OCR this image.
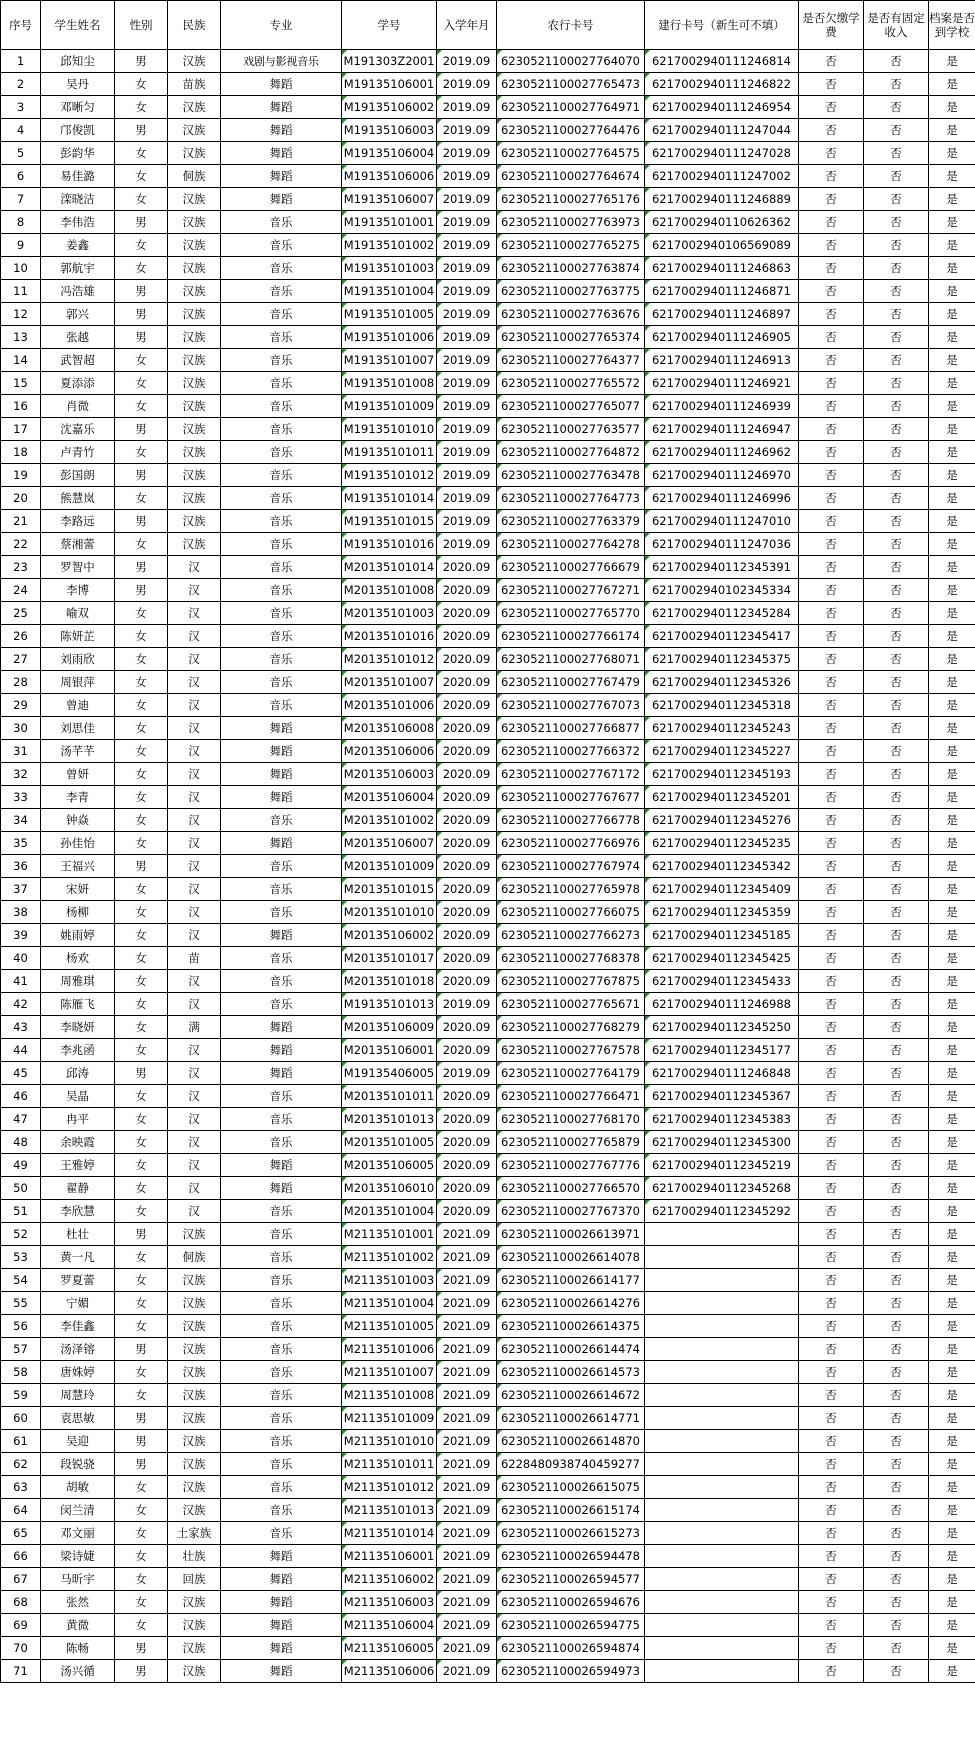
序号	学生姓名	性别	民族	专业	学号	入学年月	农行卡号	建行卡号（新生可不填）	是否欠缴学费	是否有固定收入	档案是否到学校
1	邱知尘	男	汉族	戏剧与影视音乐	M191303Z2001	2019.09	6230521100027764070	6217002940111246814	否	否	是
2	吴丹	女	苗族	舞蹈	M19135106001	2019.09	6230521100027765473	6217002940111246822	否	否	是
3	邓晰匀	女	汉族	舞蹈	M19135106002	2019.09	6230521100027764971	6217002940111246954	否	否	是
4	邝俊凯	男	汉族	舞蹈	M19135106003	2019.09	6230521100027764476	6217002940111247044	否	否	是
5	彭韵华	女	汉族	舞蹈	M19135106004	2019.09	6230521100027764575	6217002940111247028	否	否	是
6	易佳潞	女	侗族	舞蹈	M19135106006	2019.09	6230521100027764674	6217002940111247002	否	否	是
7	滦晓洁	女	汉族	舞蹈	M19135106007	2019.09	6230521100027765176	6217002940111246889	否	否	是
8	李伟浩	男	汉族	音乐	M19135101001	2019.09	6230521100027763973	6217002940110626362	否	否	是
9	姜鑫	女	汉族	音乐	M19135101002	2019.09	6230521100027765275	6217002940106569089	否	否	是
10	郭航宇	女	汉族	音乐	M19135101003	2019.09	6230521100027763874	6217002940111246863	否	否	是
11	冯浩雄	男	汉族	音乐	M19135101004	2019.09	6230521100027763775	6217002940111246871	否	否	是
12	郭兴	男	汉族	音乐	M19135101005	2019.09	6230521100027763676	6217002940111246897	否	否	是
13	张越	男	汉族	音乐	M19135101006	2019.09	6230521100027765374	6217002940111246905	否	否	是
14	武智超	女	汉族	音乐	M19135101007	2019.09	6230521100027764377	6217002940111246913	否	否	是
15	夏添添	女	汉族	音乐	M19135101008	2019.09	6230521100027765572	6217002940111246921	否	否	是
16	肖微	女	汉族	音乐	M19135101009	2019.09	6230521100027765077	6217002940111246939	否	否	是
17	沈嘉乐	男	汉族	音乐	M19135101010	2019.09	6230521100027763577	6217002940111246947	否	否	是
18	卢青竹	女	汉族	音乐	M19135101011	2019.09	6230521100027764872	6217002940111246962	否	否	是
19	彭国朗	男	汉族	音乐	M19135101012	2019.09	6230521100027763478	6217002940111246970	否	否	是
20	熊慧岚	女	汉族	音乐	M19135101014	2019.09	6230521100027764773	6217002940111246996	否	否	是
21	李路远	男	汉族	音乐	M19135101015	2019.09	6230521100027763379	6217002940111247010	否	否	是
22	蔡湘蕾	女	汉族	音乐	M19135101016	2019.09	6230521100027764278	6217002940111247036	否	否	是
23	罗智中	男	汉	音乐	M20135101014	2020.09	6230521100027766679	6217002940112345391	否	否	是
24	李博	男	汉	音乐	M20135101008	2020.09	6230521100027767271	6217002940102345334	否	否	是
25	喻双	女	汉	音乐	M20135101003	2020.09	6230521100027765770	6217002940112345284	否	否	是
26	陈妍芷	女	汉	音乐	M20135101016	2020.09	6230521100027766174	6217002940112345417	否	否	是
27	刘雨欣	女	汉	音乐	M20135101012	2020.09	6230521100027768071	6217002940112345375	否	否	是
28	周银萍	女	汉	音乐	M20135101007	2020.09	6230521100027767479	6217002940112345326	否	否	是
29	曾迪	女	汉	音乐	M20135101006	2020.09	6230521100027767073	6217002940112345318	否	否	是
30	刘思佳	女	汉	舞蹈	M20135106008	2020.09	6230521100027766877	6217002940112345243	否	否	是
31	汤芊芊	女	汉	舞蹈	M20135106006	2020.09	6230521100027766372	6217002940112345227	否	否	是
32	曾妍	女	汉	舞蹈	M20135106003	2020.09	6230521100027767172	6217002940112345193	否	否	是
33	李青	女	汉	舞蹈	M20135106004	2020.09	6230521100027767677	6217002940112345201	否	否	是
34	钟焱	女	汉	音乐	M20135101002	2020.09	6230521100027766778	6217002940112345276	否	否	是
35	孙佳怡	女	汉	舞蹈	M20135106007	2020.09	6230521100027766976	6217002940112345235	否	否	是
36	王福兴	男	汉	音乐	M20135101009	2020.09	6230521100027767974	6217002940112345342	否	否	是
37	宋妍	女	汉	音乐	M20135101015	2020.09	6230521100027765978	6217002940112345409	否	否	是
38	杨柳	女	汉	音乐	M20135101010	2020.09	6230521100027766075	6217002940112345359	否	否	是
39	姚雨婷	女	汉	舞蹈	M20135106002	2020.09	6230521100027766273	6217002940112345185	否	否	是
40	杨欢	女	苗	音乐	M20135101017	2020.09	6230521100027768378	6217002940112345425	否	否	是
41	周雅琪	女	汉	音乐	M20135101018	2020.09	6230521100027767875	6217002940112345433	否	否	是
42	陈雁飞	女	汉	音乐	M19135101013	2019.09	6230521100027765671	6217002940111246988	否	否	是
43	李晓妍	女	满	舞蹈	M20135106009	2020.09	6230521100027768279	6217002940112345250	否	否	是
44	李兆函	女	汉	舞蹈	M20135106001	2020.09	6230521100027767578	6217002940112345177	否	否	是
45	邱涛	男	汉	舞蹈	M19135406005	2019.09	6230521100027764179	6217002940111246848	否	否	是
46	吴晶	女	汉	音乐	M20135101011	2020.09	6230521100027766471	6217002940112345367	否	否	是
47	冉平	女	汉	音乐	M20135101013	2020.09	6230521100027768170	6217002940112345383	否	否	是
48	余映霞	女	汉	音乐	M20135101005	2020.09	6230521100027765879	6217002940112345300	否	否	是
49	王雅婷	女	汉	舞蹈	M20135106005	2020.09	6230521100027767776	6217002940112345219	否	否	是
50	翟静	女	汉	舞蹈	M20135106010	2020.09	6230521100027766570	6217002940112345268	否	否	是
51	李欣慧	女	汉	音乐	M20135101004	2020.09	6230521100027767370	6217002940112345292	否	否	是
52	杜壮	男	汉族	音乐	M21135101001	2021.09	6230521100026613971		否	否	是
53	黄一凡	女	侗族	音乐	M21135101002	2021.09	6230521100026614078		否	否	是
54	罗夏蕾	女	汉族	音乐	M21135101003	2021.09	6230521100026614177		否	否	是
55	宁媚	女	汉族	音乐	M21135101004	2021.09	6230521100026614276		否	否	是
56	李佳鑫	女	汉族	音乐	M21135101005	2021.09	6230521100026614375		否	否	是
57	汤泽镕	男	汉族	音乐	M21135101006	2021.09	6230521100026614474		否	否	是
58	唐姝婷	女	汉族	音乐	M21135101007	2021.09	6230521100026614573		否	否	是
59	周慧玲	女	汉族	音乐	M21135101008	2021.09	6230521100026614672		否	否	是
60	袁思敏	男	汉族	音乐	M21135101009	2021.09	6230521100026614771		否	否	是
61	吴迎	男	汉族	音乐	M21135101010	2021.09	6230521100026614870		否	否	是
62	段锐骁	男	汉族	音乐	M21135101011	2021.09	6228480938740459277		否	否	是
63	胡敏	女	汉族	音乐	M21135101012	2021.09	6230521100026615075		否	否	是
64	闵兰清	女	汉族	音乐	M21135101013	2021.09	6230521100026615174		否	否	是
65	邓文丽	女	土家族	音乐	M21135101014	2021.09	6230521100026615273		否	否	是
66	梁诗婕	女	壮族	舞蹈	M21135106001	2021.09	6230521100026594478		否	否	是
67	马昕宇	女	回族	舞蹈	M21135106002	2021.09	6230521100026594577		否	否	是
68	张然	女	汉族	舞蹈	M21135106003	2021.09	6230521100026594676		否	否	是
69	黄微	女	汉族	舞蹈	M21135106004	2021.09	6230521100026594775		否	否	是
70	陈畅	男	汉族	舞蹈	M21135106005	2021.09	6230521100026594874		否	否	是
71	汤兴循	男	汉族	舞蹈	M21135106006	2021.09	6230521100026594973		否	否	是
